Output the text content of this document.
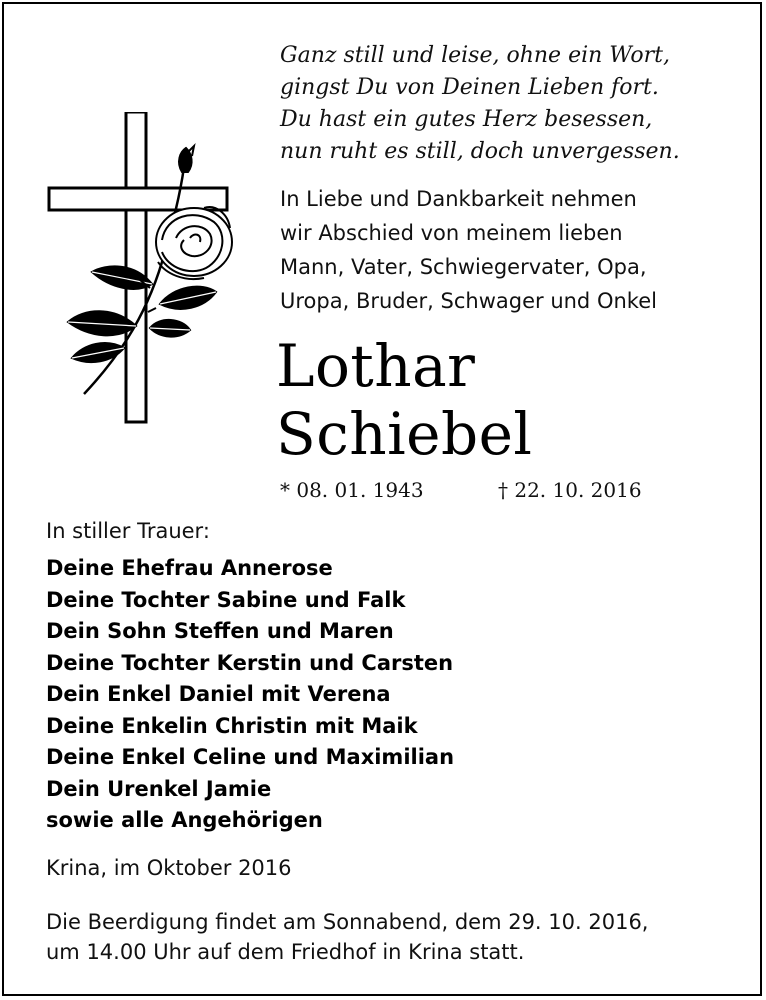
Ganz still und leise, ohne ein Wort,
gingst Du von Deinen Lieben fort.
Du hast ein gutes Herz besessen,
nun ruht es still, doch unvergessen.
In Liebe und Dankbarkeit nehmen
wir Abschied von meinem lieben
Mann, Vater, Schwiegervater, Opa,
Uropa, Bruder, Schwager und Onkel
Lothar
Schiebel
* 08. 01. 1943	† 22. 10. 2016
In stiller Trauer:
Deine Ehefrau Annerose
Deine Tochter Sabine und Falk
Dein Sohn Steffen und Maren
Deine Tochter Kerstin und Carsten
Dein Enkel Daniel mit Verena
Deine Enkelin Christin mit Maik
Deine Enkel Celine und Maximilian
Dein Urenkel Jamie
sowie alle Angehörigen
Krina, im Oktober 2016
Die Beerdigung findet am Sonnabend, dem 29. 10. 2016,
um 14.00 Uhr auf dem Friedhof in Krina statt.
